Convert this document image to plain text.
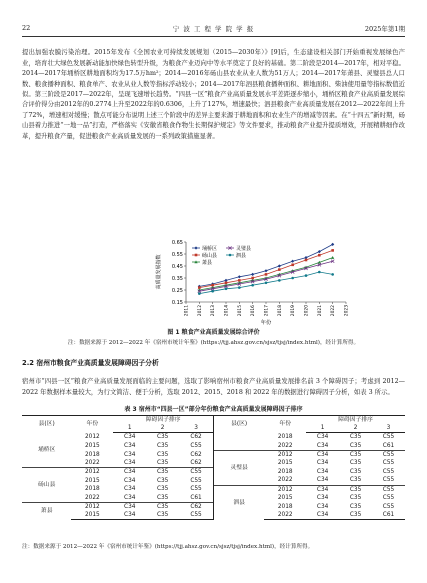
22	宁 波 工 程 学 院 学 报	2025年第1期

提出加强农膜污染治理。2015年发布《全国农业可持续发展规划（2015—2030年）》[9]后，生态建设相关部门开始重视发展绿色产业，培育壮大绿色发展新动能加快绿色转型升级，为粮食产业迈向中等水平奠定了良好的基础。第二阶段是2014—2017年，相对平稳。2014—2017年埇桥区耕地面积均为17.5万hm²；2014—2016年砀山县农业从业人数为51万人；2014—2017年萧县、灵璧县总人口数、粮食播种面积、粮食单产、农业从业人数等指标浮动较小；2014—2017年泗县粮食播种面积、耕地面积、柴油使用量等指标数值近似。第三阶段是2017—2022年，呈现飞速增长趋势。“四县一区”粮食产业高质量发展水平差距逐步缩小，埇桥区粮食产业高质量发展综合评价得分由2012年的0.2774上升至2022年的0.6306，上升了127%，增速最快；泗县粮食产业高质量发展在2012—2022年间上升了72%，增速相对缓慢；散点可能分布说明上述三个阶段中的差异主要来源于耕地面积和农业生产的增减等因素。在“十四五”新时期，砀山县着力推进“一地一品”打造，严格落实《安徽省粮食作物生长期保护规定》等文件要求，推动粮食产业提升提质增效，开展精耕细作改革，提升粮食产量，促进粮食产业高质量发展的一系列政策措施显著。

0.65
0.55
0.45
0.35
0.25
0.15
2011 2012 2013 2014 2015 2016 2017 2018 2019 2020 2021 2022 2023
高质量发展指数
年份
埇桥区
砀山县
萧县
灵璧县
泗县
图 1 粮食产业高质量发展综合评价
注：数据来源于 2012—2022 年《宿州市统计年鉴》(https://tjj.ahsz.gov.cn/sjsz/tjsj/index.html)，经计算所得。
2.2 宿州市粮食产业高质量发展障碍因子分析

宿州市“四县一区”粮食产业高质量发展面临的主要问题，选取了影响宿州市粮食产业高质量发展排名前 3 个障碍因子；考虑到 2012—2022 年数据样本量较大，为行文简洁、便于分析，选取 2012、2015、2018 和 2022 年的数据进行障碍因子分析，如表 3 所示。

表 3 宿州市“四县一区”部分年份粮食产业高质量发展障碍因子排序
县(区)	年份	障碍因子排序			县(区)	年份	障碍因子排序		
		1	2	3			1	2	3
埇桥区	2012	C34	C35	C62		2018	C34	C35	C55
	2015	C34	C35	C55		2022	C34	C35	C61
	2018	C34	C35	C62	灵璧县	2012	C34	C35	C55
	2022	C34	C35	C62		2015	C34	C35	C55
砀山县	2012	C34	C35	C55		2018	C34	C35	C55
	2015	C34	C35	C55		2022	C34	C35	C55
	2018	C34	C35	C55	泗县	2012	C34	C35	C55
	2022	C34	C35	C61		2015	C34	C35	C55
萧县	2012	C34	C35	C62		2018	C34	C35	C55
	2015	C34	C35	C55		2022	C34	C35	C61
注：数据来源于 2012—2022 年《宿州市统计年鉴》(https://tjj.ahsz.gov.cn/sjsz/tjsj/index.html)，经计算所得。
